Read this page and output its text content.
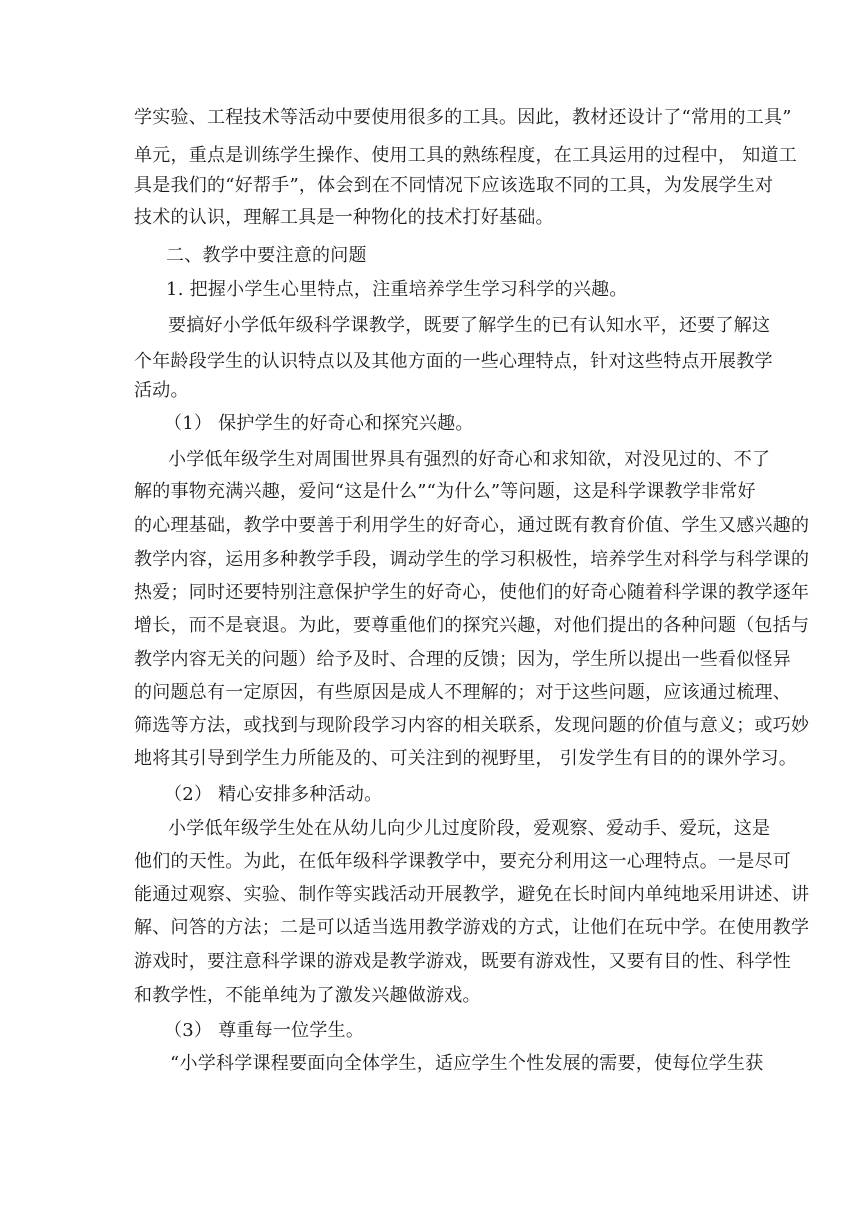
学实验、工程技术等活动中要使用很多的工具。因此，教材还设计了“常用的工具”
单元，重点是训练学生操作、使用工具的熟练程度，在工具运用的过程中， 知道工
具是我们的“好帮手”，体会到在不同情况下应该选取不同的工具，为发展学生对
技术的认识，理解工具是一种物化的技术打好基础。
二、教学中要注意的问题
1. 把握小学生心里特点，注重培养学生学习科学的兴趣。
要搞好小学低年级科学课教学，既要了解学生的已有认知水平，还要了解这
个年龄段学生的认识特点以及其他方面的一些心理特点，针对这些特点开展教学
活动。
（1） 保护学生的好奇心和探究兴趣。
小学低年级学生对周围世界具有强烈的好奇心和求知欲，对没见过的、不了
解的事物充满兴趣，爱问“这是什么”“为什么”等问题，这是科学课教学非常好
的心理基础，教学中要善于利用学生的好奇心，通过既有教育价值、学生又感兴趣的
教学内容，运用多种教学手段，调动学生的学习积极性，培养学生对科学与科学课的
热爱；同时还要特别注意保护学生的好奇心，使他们的好奇心随着科学课的教学逐年
增长，而不是衰退。为此，要尊重他们的探究兴趣，对他们提出的各种问题（包括与
教学内容无关的问题）给予及时、合理的反馈；因为，学生所以提出一些看似怪异
的问题总有一定原因，有些原因是成人不理解的；对于这些问题，应该通过梳理、
筛选等方法，或找到与现阶段学习内容的相关联系，发现问题的价值与意义；或巧妙
地将其引导到学生力所能及的、可关注到的视野里， 引发学生有目的的课外学习。
（2） 精心安排多种活动。
小学低年级学生处在从幼儿向少儿过度阶段，爱观察、爱动手、爱玩，这是
他们的天性。为此，在低年级科学课教学中，要充分利用这一心理特点。一是尽可
能通过观察、实验、制作等实践活动开展教学，避免在长时间内单纯地采用讲述、讲
解、问答的方法；二是可以适当选用教学游戏的方式，让他们在玩中学。在使用教学
游戏时，要注意科学课的游戏是教学游戏，既要有游戏性，又要有目的性、科学性
和教学性，不能单纯为了激发兴趣做游戏。
（3） 尊重每一位学生。
“小学科学课程要面向全体学生，适应学生个性发展的需要，使每位学生获
